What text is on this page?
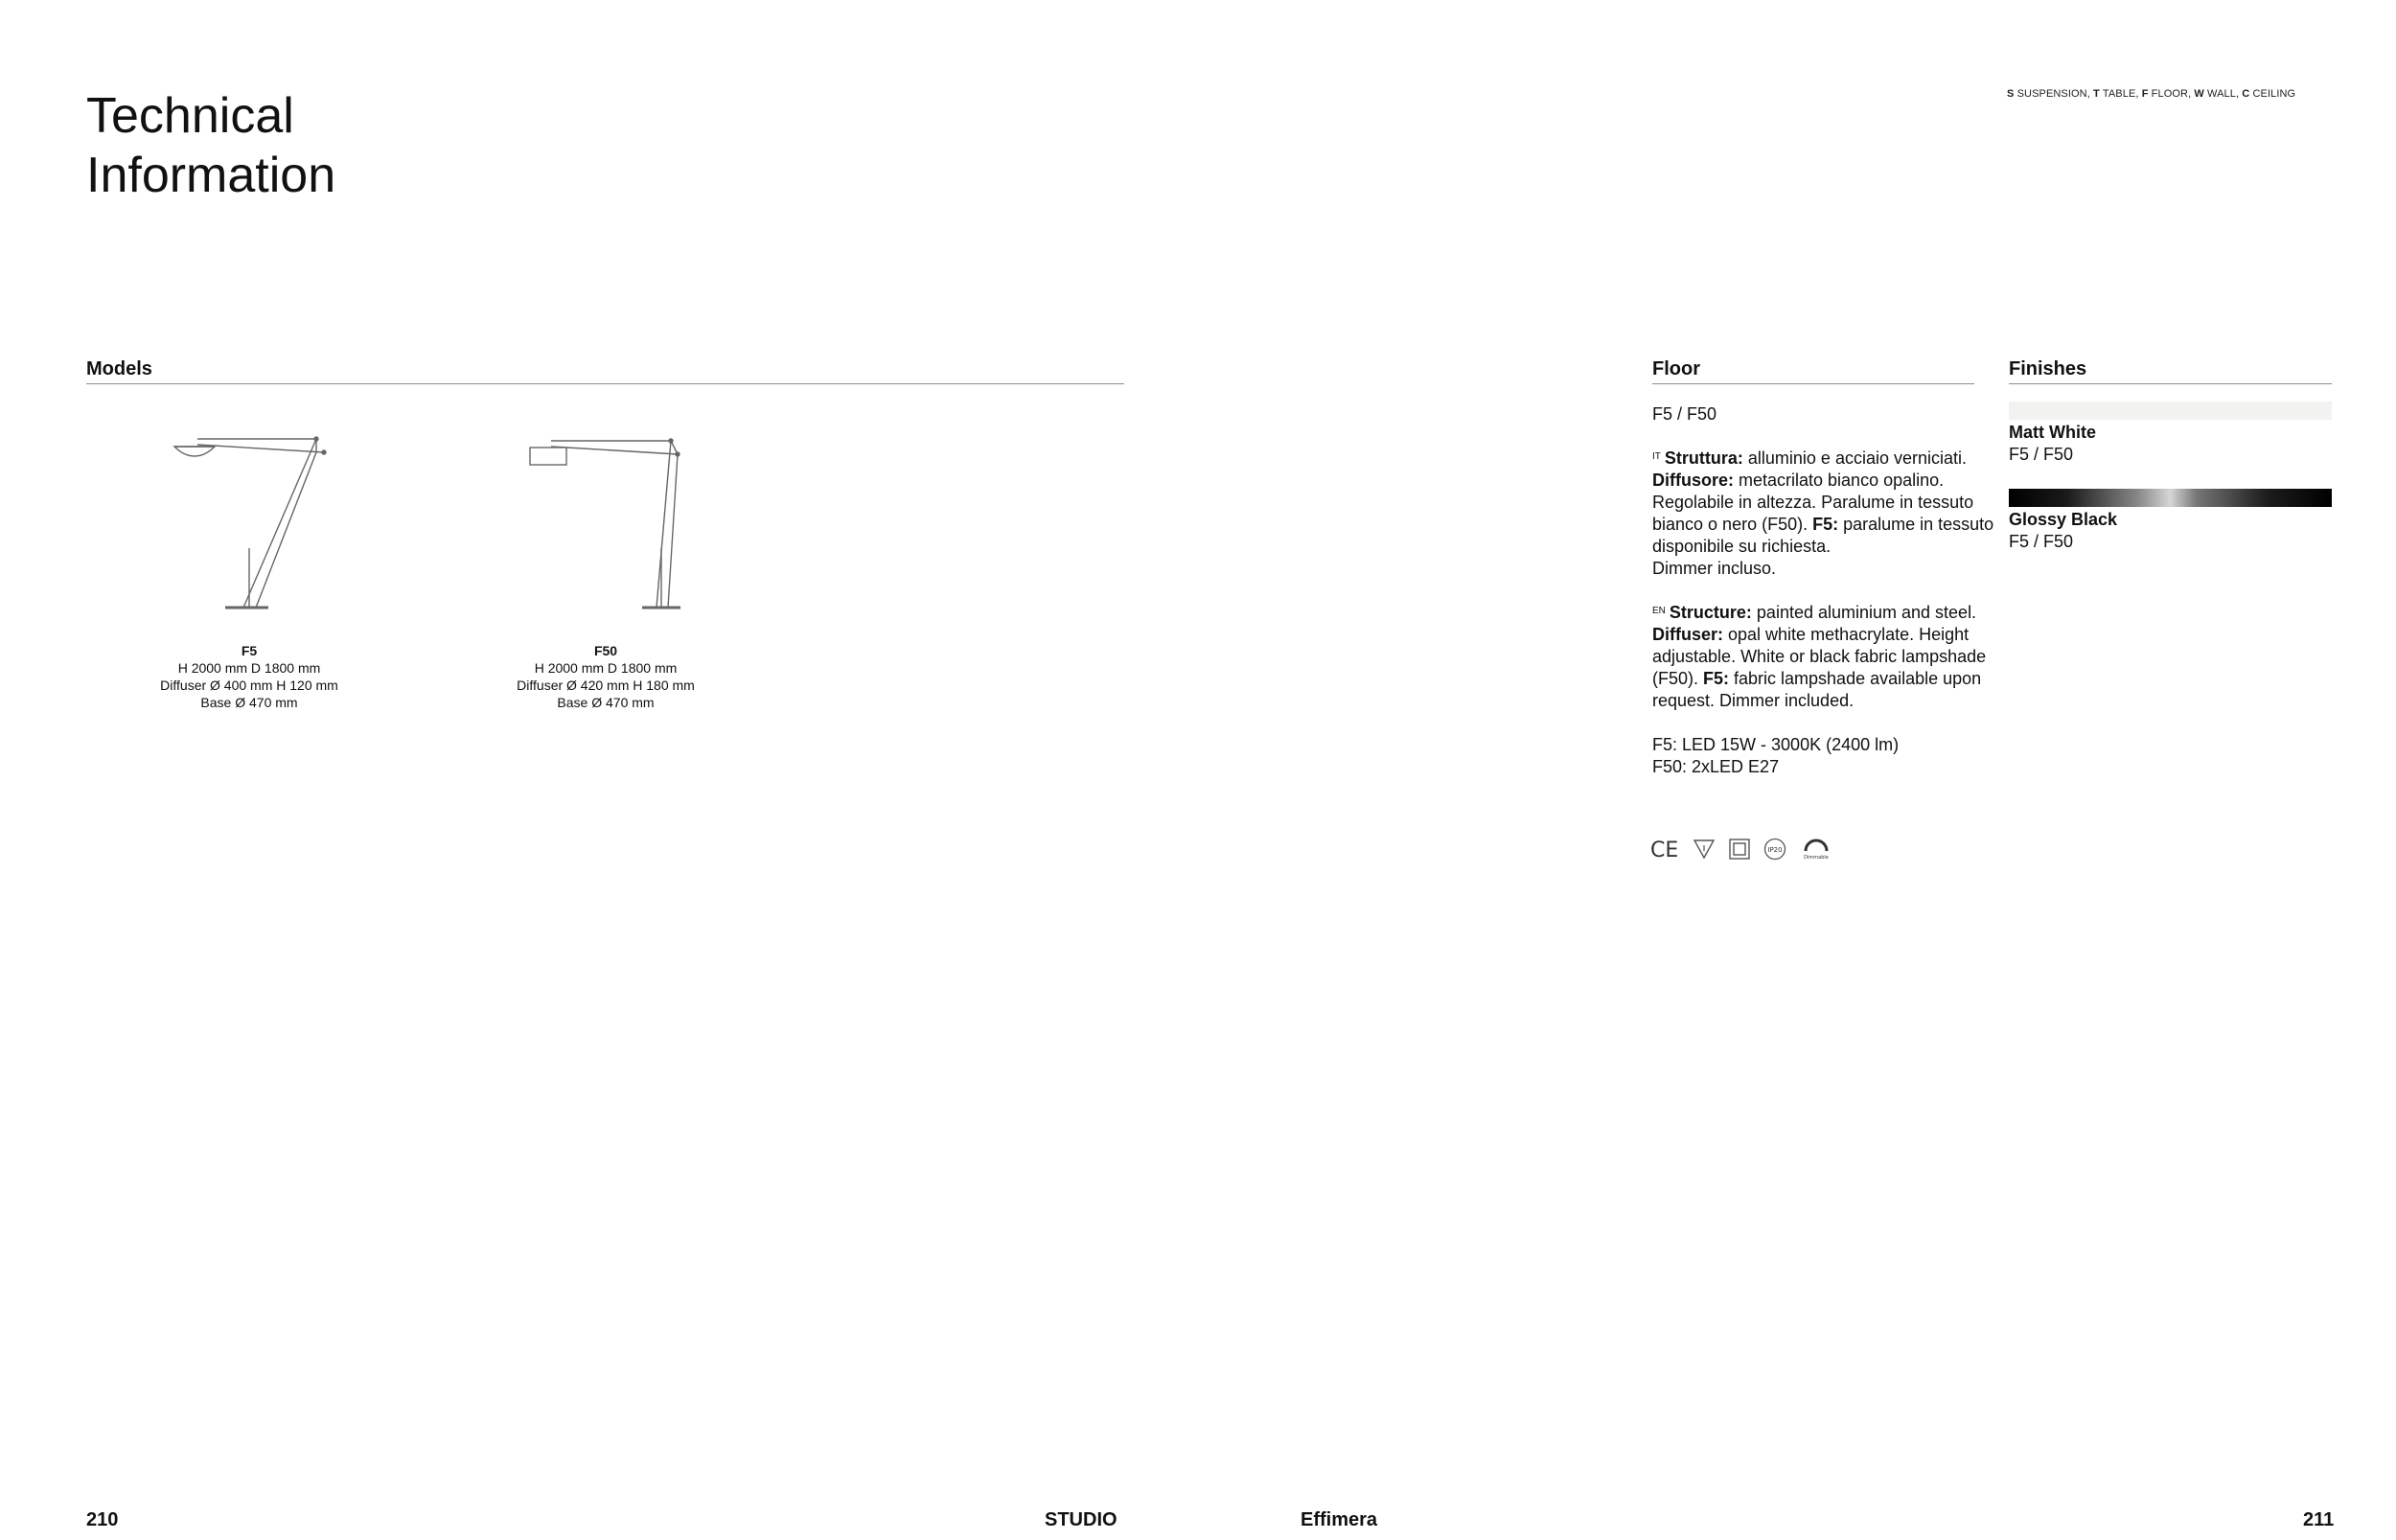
Technical
Information
S SUSPENSION, T TABLE, F FLOOR, W WALL, C CEILING
Models
F5
H 2000 mm D 1800 mm
Diffuser Ø 400 mm H 120 mm
Base Ø 470 mm
F50
H 2000 mm D 1800 mm
Diffuser Ø 420 mm H 180 mm
Base Ø 470 mm
Floor

F5 / F50

$^{IT}$ Struttura: alluminio e acciaio verniciati. Diffusore: metacrilato bianco opalino. Regolabile in altezza. Paralume in tessuto bianco o nero (F50). F5: paralume in tessuto disponibile su richiesta.
Dimmer incluso.

$^{EN}$ Structure: painted aluminium and steel. Diffuser: opal white methacrylate. Height adjustable. White or black fabric lampshade (F50). F5: fabric lampshade available upon request. Dimmer included.

F5: LED 15W - 3000K (2400 lm)
F50: 2xLED E27

CE	IP20
Dimmable
Finishes
Matt White
F5 / F50
Glossy Black
F5 / F50
210	STUDIO	Effimera	211
